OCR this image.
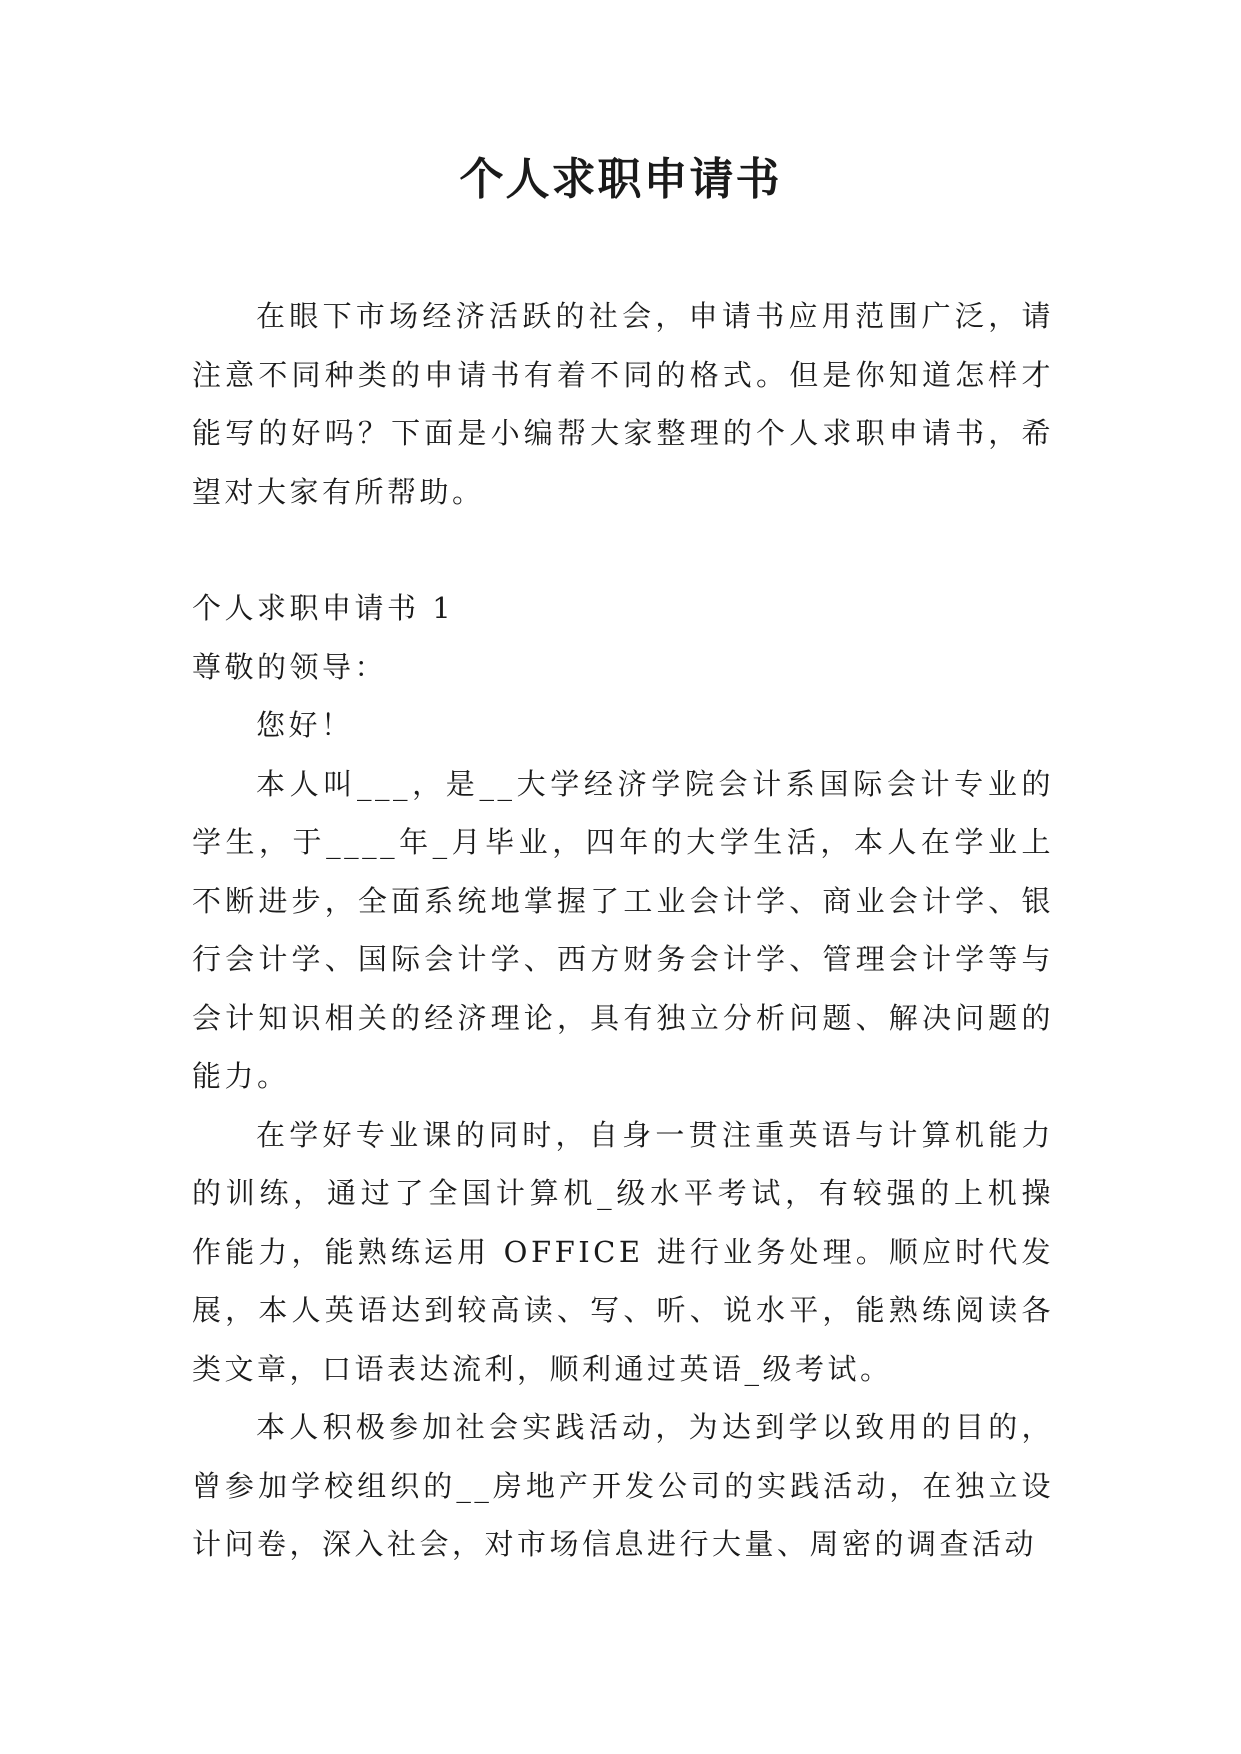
个人求职申请书

在眼下市场经济活跃的社会，申请书应用范围广泛，请注意不同种类的申请书有着不同的格式。但是你知道怎样才能写的好吗？下面是小编帮大家整理的个人求职申请书，希望对大家有所帮助。

个人求职申请书 1

尊敬的领导：

您好！

本人叫___，是__大学经济学院会计系国际会计专业的学生，于____年_月毕业，四年的大学生活，本人在学业上不断进步，全面系统地掌握了工业会计学、商业会计学、银行会计学、国际会计学、西方财务会计学、管理会计学等与会计知识相关的经济理论，具有独立分析问题、解决问题的能力。

在学好专业课的同时，自身一贯注重英语与计算机能力的训练，通过了全国计算机_级水平考试，有较强的上机操作能力，能熟练运用 OFFICE 进行业务处理。顺应时代发展，本人英语达到较高读、写、听、说水平，能熟练阅读各类文章，口语表达流利，顺利通过英语_级考试。

本人积极参加社会实践活动，为达到学以致用的目的，曾参加学校组织的__房地产开发公司的实践活动，在独立设计问卷，深入社会，对市场信息进行大量、周密的调查活动
